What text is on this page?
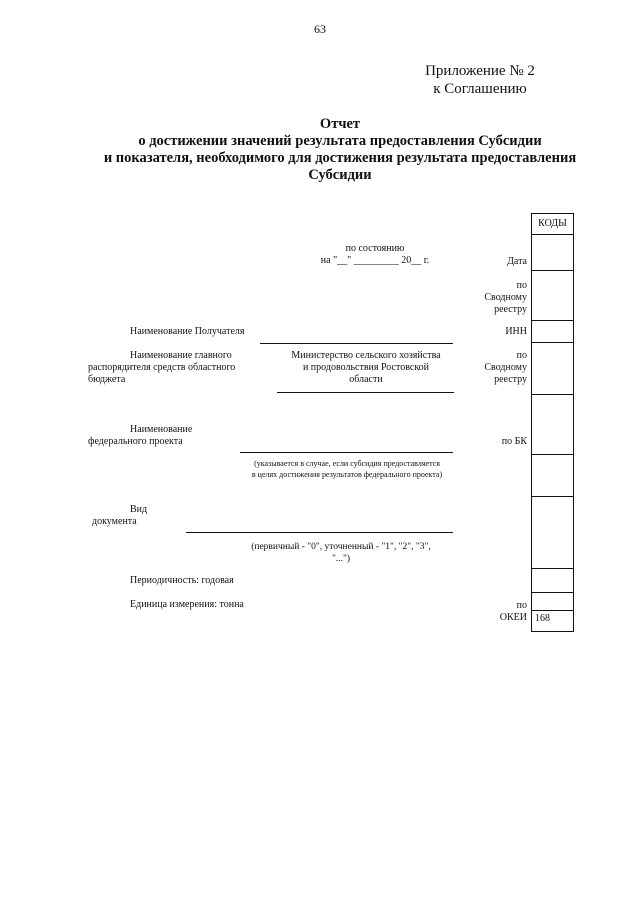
63
Приложение № 2
к Соглашению
Отчет
о достижении значений результата предоставления Субсидии
и показателя, необходимого для достижения результата предоставления
Субсидии
по состоянию
на "__" _________ 20__ г.
Наименование Получателя
Наименование главного
распорядителя средств областного
бюджета
Министерство сельского хозяйства
и продовольствия Ростовской
области
Наименование
федерального проекта
(указывается в случае, если субсидия предоставляется
в целях достижения результатов федерального проекта)
Вид
документа
(первичный - "0", уточненный - "1", "2", "3",
"...")
Периодичность: годовая
Единица измерения: тонна
Дата
по
Сводному
реестру
ИНН
по
Сводному
реестру
по БК
по
ОКЕИ
КОДЫ
168
